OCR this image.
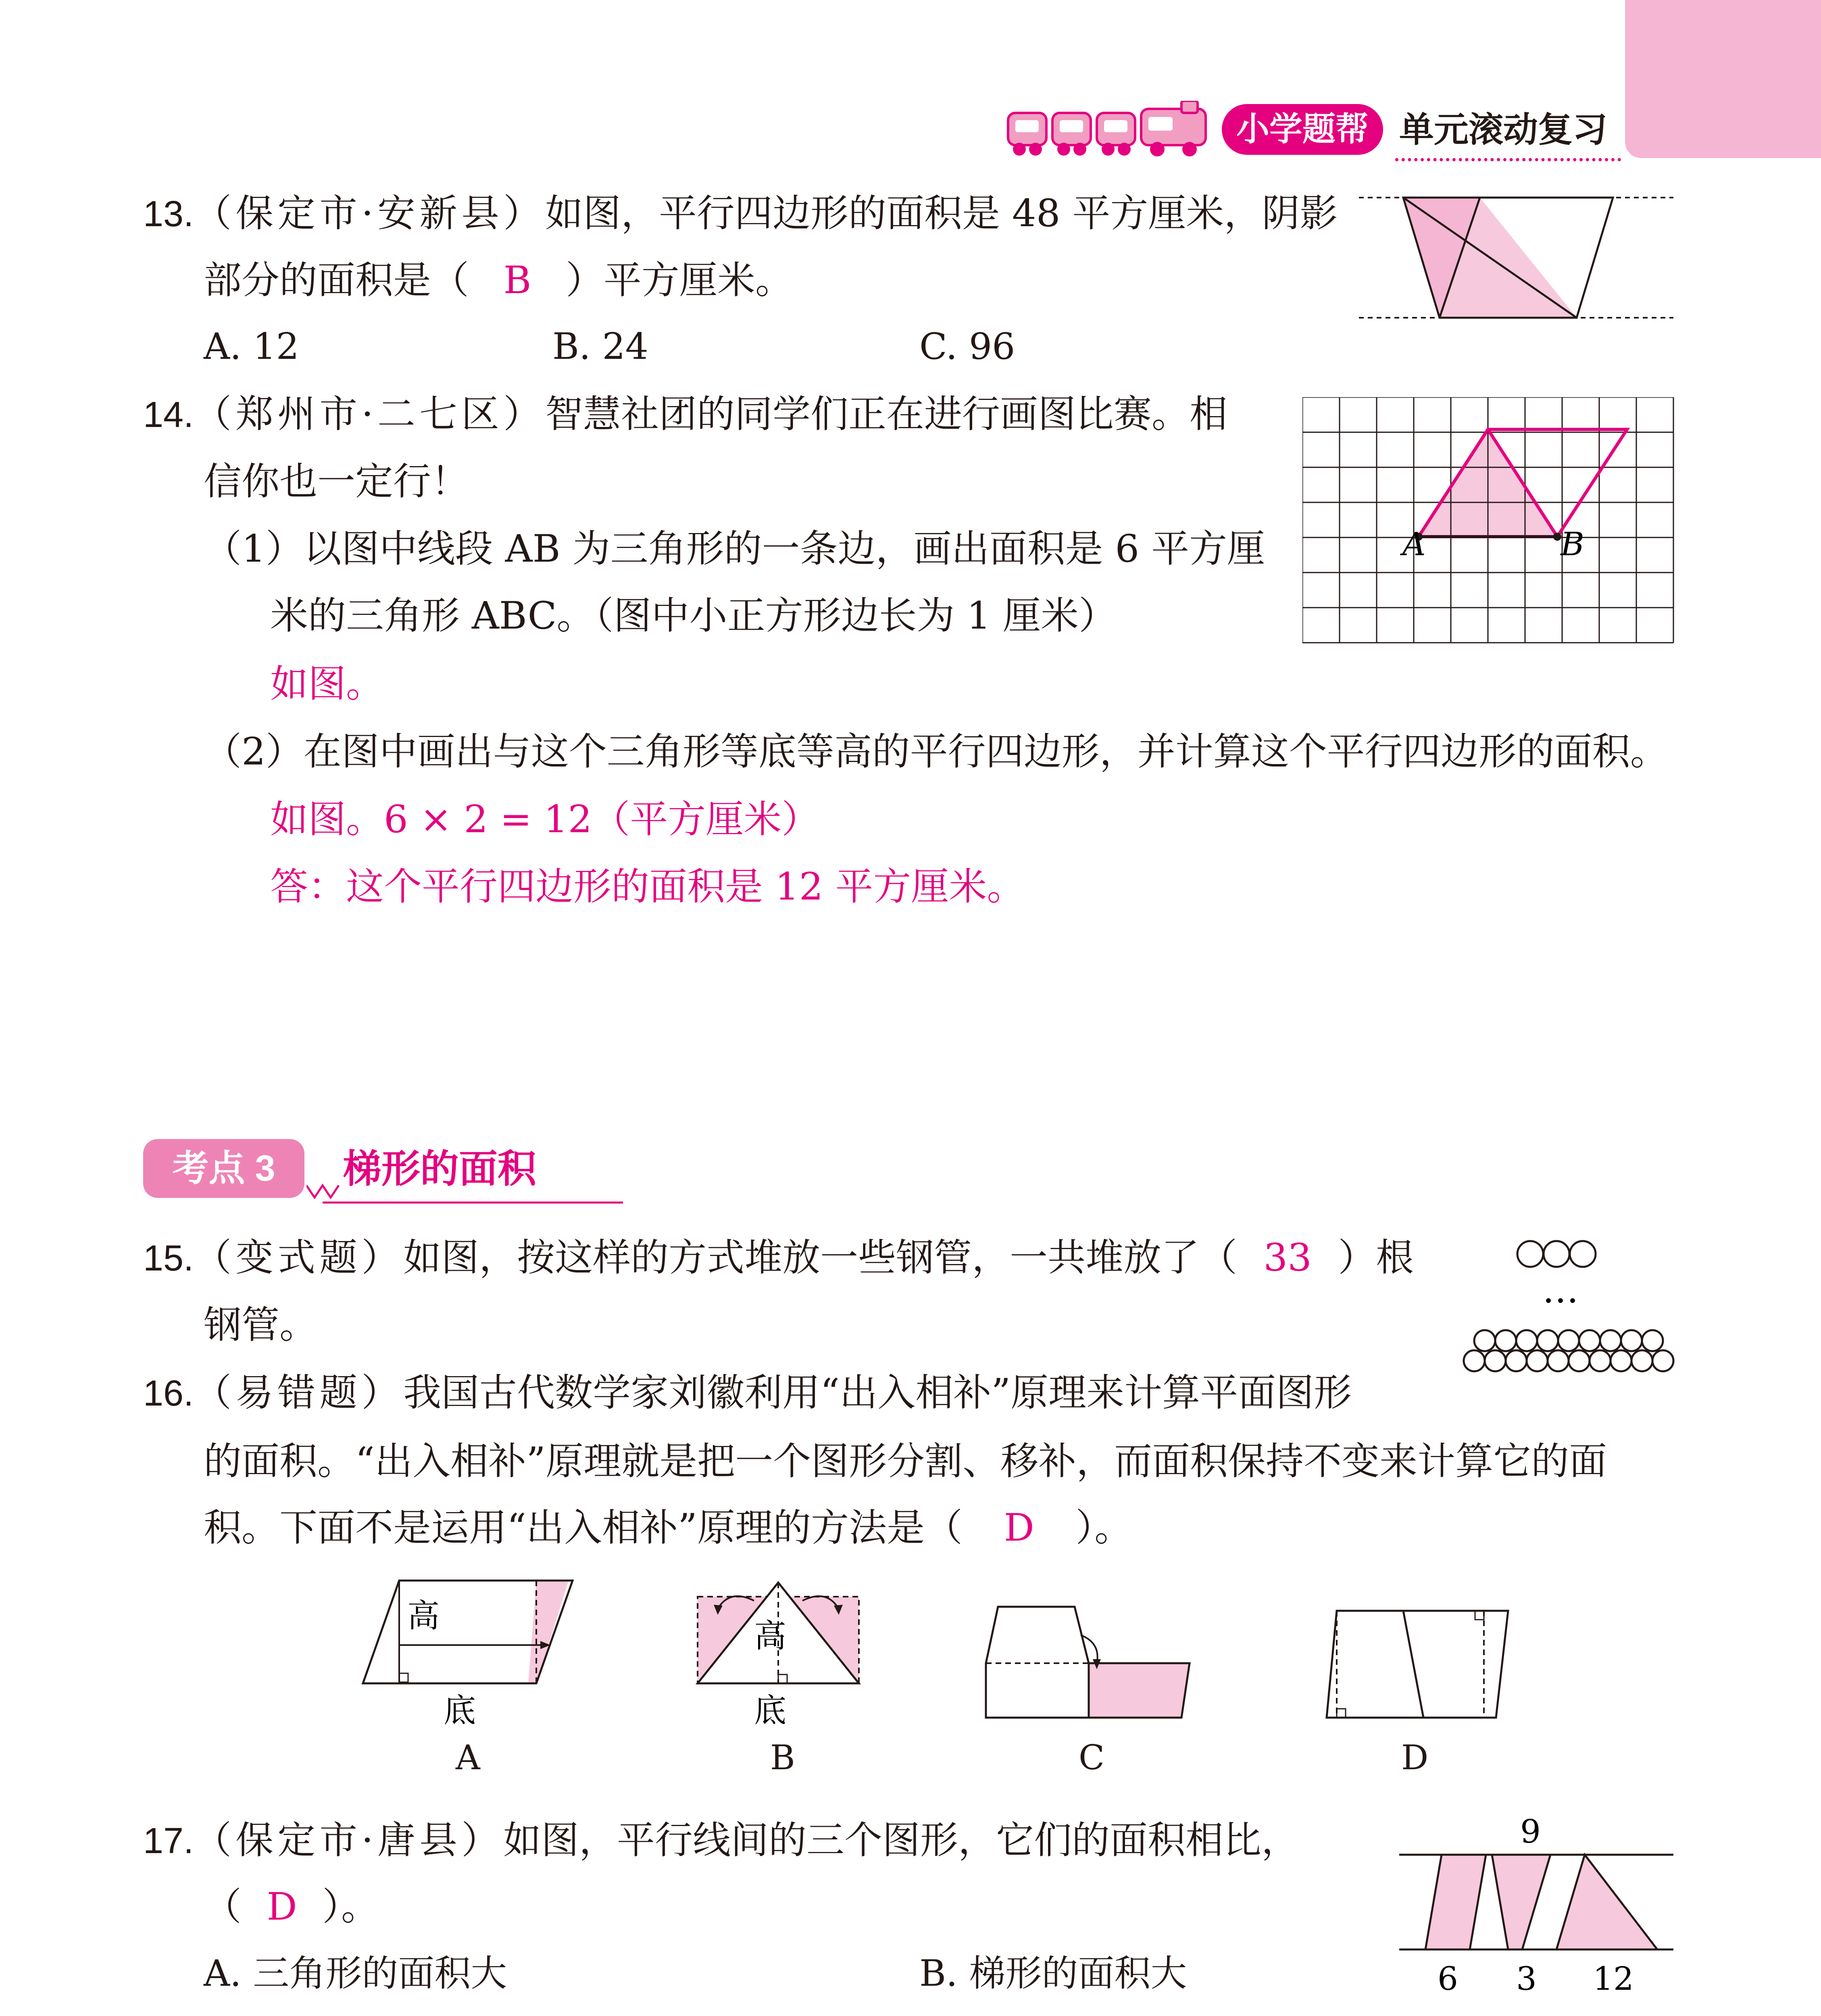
小学题帮 单元滚动复习
13.（保定市·安新县）如图，平行四边形的面积是 48 平方厘米，阴影
部分的面积是（ B ）平方厘米。
A. 12	B. 24	C. 96
14.（郑州市·二七区）智慧社团的同学们正在进行画图比赛。相
信你也一定行！
（1）以图中线段 AB 为三角形的一条边，画出面积是 6 平方厘
米的三角形 ABC。（图中小正方形边长为 1 厘米）
如图。
（2）在图中画出与这个三角形等底等高的平行四边形，并计算这个平行四边形的面积。
如图。6 × 2 = 12（平方厘米）
答：这个平行四边形的面积是 12 平方厘米。
A	B
考点 3	梯形的面积
15.（变式题）如图，按这样的方式堆放一些钢管，一共堆放了（ 33 ）根
钢管。
…
16.（易错题）我国古代数学家刘徽利用“出入相补”原理来计算平面图形
的面积。“出入相补”原理就是把一个图形分割、移补，而面积保持不变来计算它的面
积。下面不是运用“出入相补”原理的方法是（ D ）。
高
底
高
底
A	B	C	D
17.（保定市·唐县）如图，平行线间的三个图形，它们的面积相比，
（ D ）。
A. 三角形的面积大	B. 梯形的面积大
9
6 3 12
